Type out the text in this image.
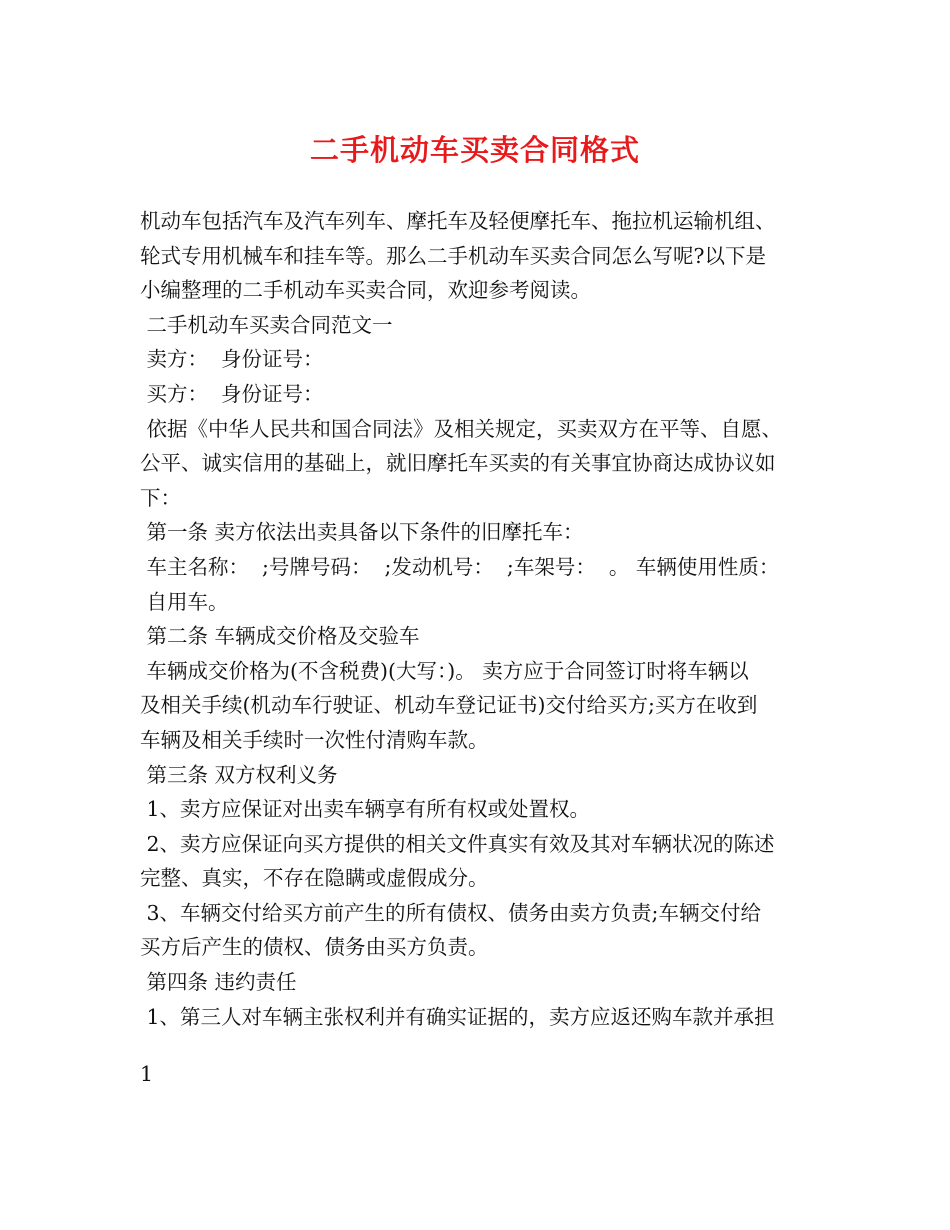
二手机动车买卖合同格式
机动车包括汽车及汽车列车、摩托车及轻便摩托车、拖拉机运输机组、
轮式专用机械车和挂车等。那么二手机动车买卖合同怎么写呢?以下是
小编整理的二手机动车买卖合同，欢迎参考阅读。
二手机动车买卖合同范文一
卖方：  身份证号：
买方：  身份证号：
依据《中华人民共和国合同法》及相关规定，买卖双方在平等、自愿、
公平、诚实信用的基础上，就旧摩托车买卖的有关事宜协商达成协议如
下：
第一条 卖方依法出卖具备以下条件的旧摩托车：
车主名称：  ;号牌号码：  ;发动机号：  ;车架号：  。 车辆使用性质：
自用车。
第二条 车辆成交价格及交验车
车辆成交价格为(不含税费)(大写：)。 卖方应于合同签订时将车辆以
及相关手续(机动车行驶证、机动车登记证书)交付给买方;买方在收到
车辆及相关手续时一次性付清购车款。
第三条 双方权利义务
1、卖方应保证对出卖车辆享有所有权或处置权。
2、卖方应保证向买方提供的相关文件真实有效及其对车辆状况的陈述
完整、真实，不存在隐瞒或虚假成分。
3、车辆交付给买方前产生的所有债权、债务由卖方负责;车辆交付给
买方后产生的债权、债务由买方负责。
第四条 违约责任
1、第三人对车辆主张权利并有确实证据的，卖方应返还购车款并承担
1
